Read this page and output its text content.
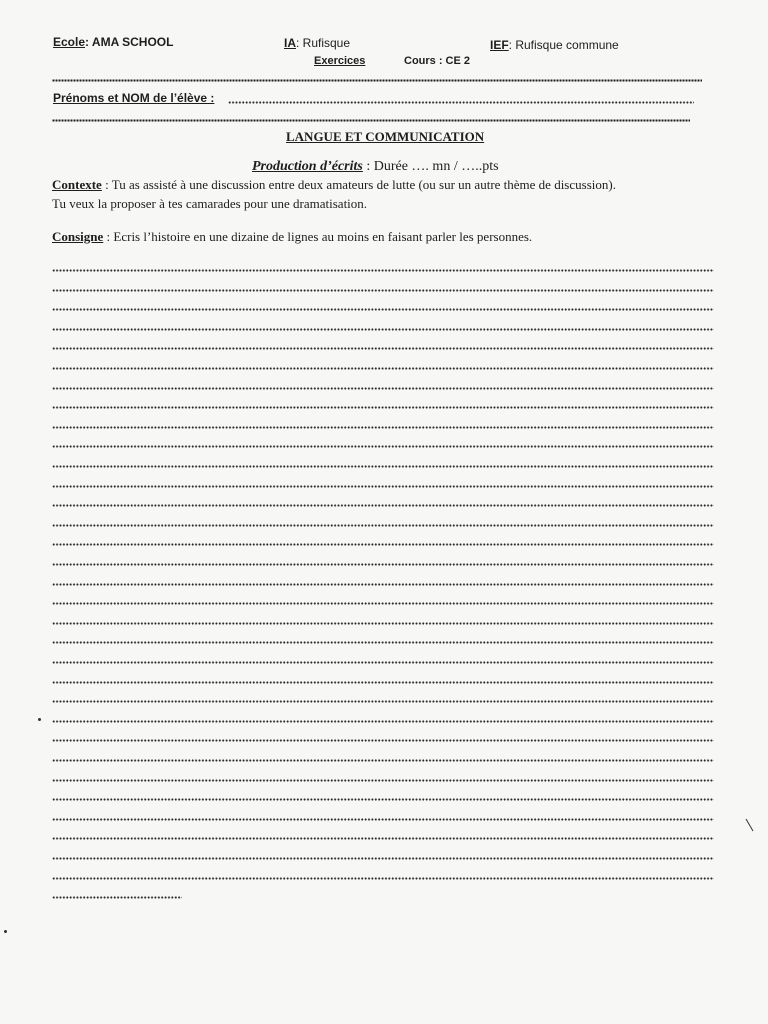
Ecole: AMA SCHOOL	IA: Rufisque	IEF: Rufisque commune
Exercices	Cours : CE 2
Prénoms et NOM de l’élève :
LANGUE ET COMMUNICATION
Production d’écrits : Durée …. mn / …..pts
Contexte : Tu as assisté à une discussion entre deux amateurs de lutte (ou sur un autre thème de discussion).
Tu veux la proposer à tes camarades pour une dramatisation.
Consigne : Ecris l’histoire en une dizaine de lignes au moins en faisant parler les personnes.
